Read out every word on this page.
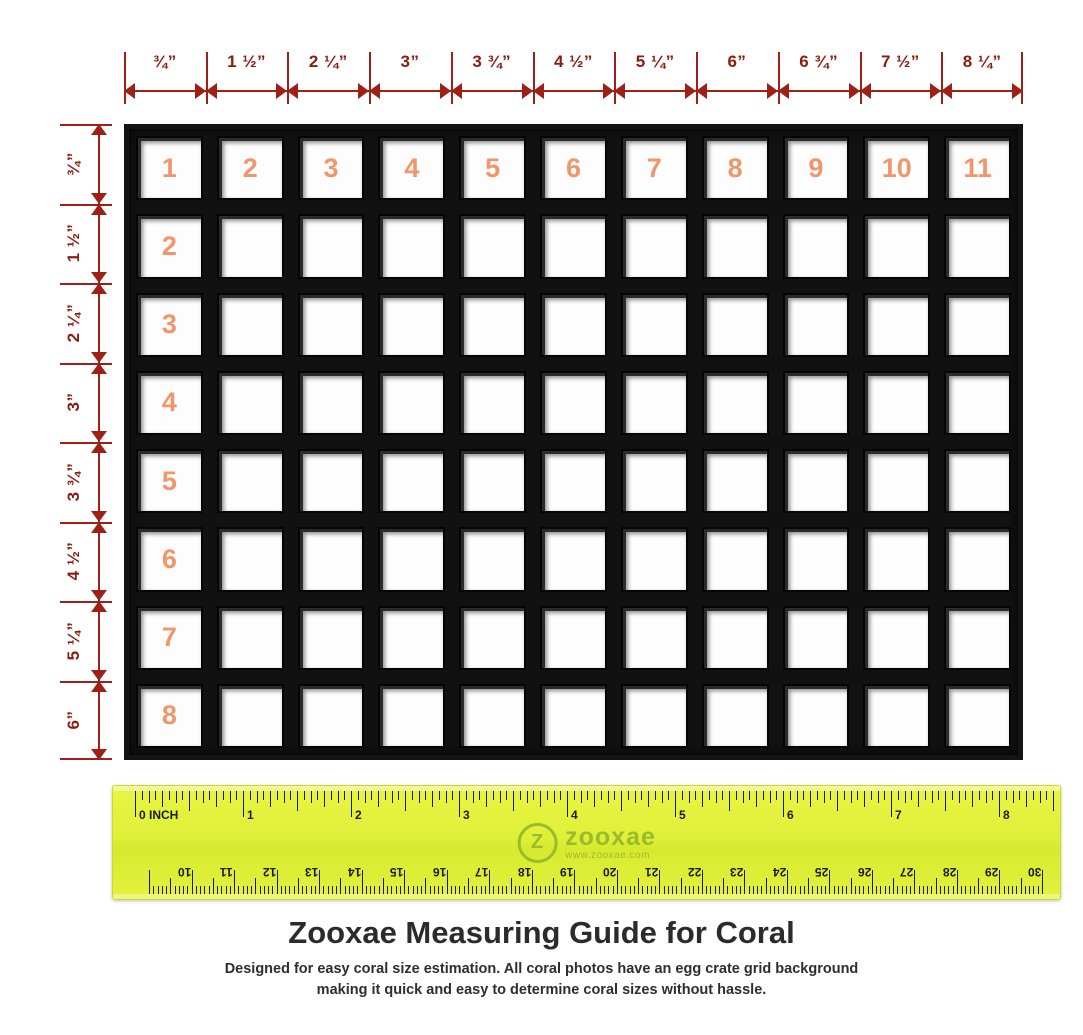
¾”	1 ½”	2 ¼”	3”	3 ¾”	4 ½”	5 ¼”	6”	6 ¾”	7 ½”	8 ¼”
¾”
1 ½”
2 ¼”
3”
3 ¾”
4 ½”
5 ¼”
6”
1	2	3	4	5	6	7	8	9	10	11
2
3
4
5
6
7
8
0 INCH	1	2	3	4	5	6	7	8
30
29
28
27
26
25
24
23
22
21
20
19
18
17
16
15
14
13
12
11
10
Z zooxae
www.zooxae.com
Zooxae Measuring Guide for Coral
Designed for easy coral size estimation. All coral photos have an egg crate grid background
making it quick and easy to determine coral sizes without hassle.
